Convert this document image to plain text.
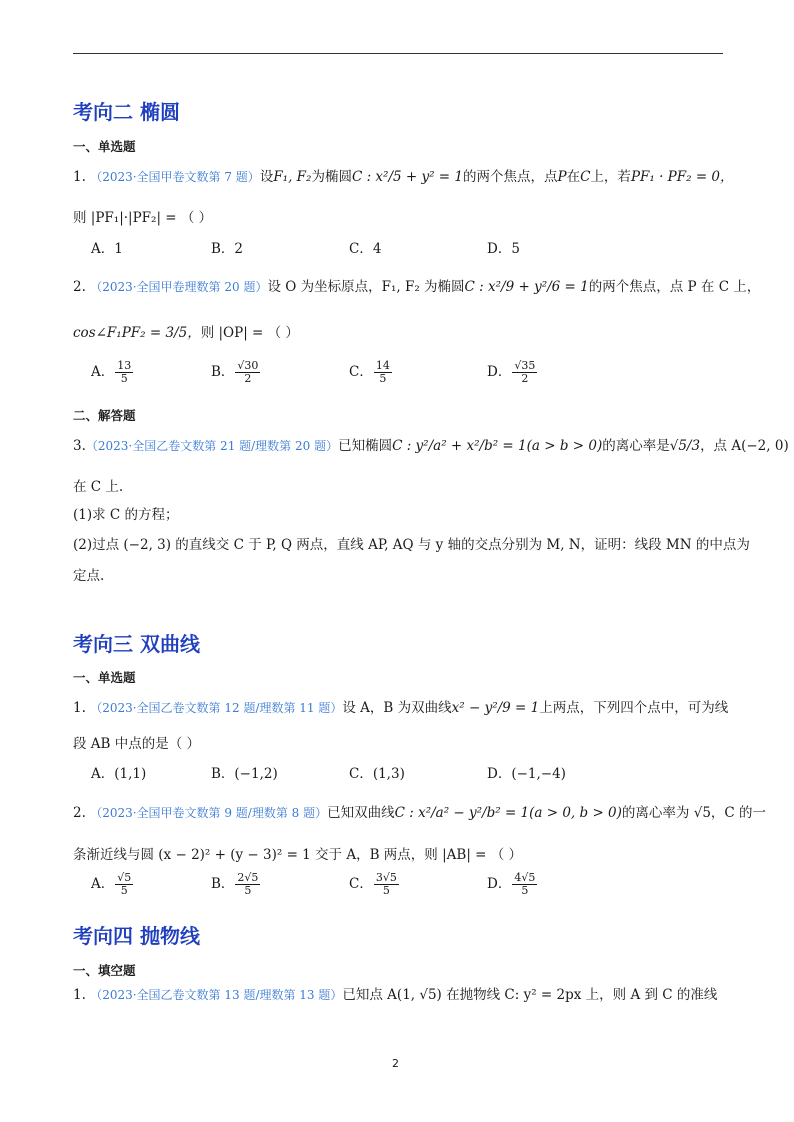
考向二 椭圆
一、单选题
1. （2023·全国甲卷文数第 7 题）设F₁, F₂为椭圆C : x²/5 + y² = 1的两个焦点，点P在C上，若PF₁ · PF₂ = 0，
则 |PF₁|·|PF₂| = （ ）
A．1	B．2	C．4	D．5
2. （2023·全国甲卷理数第 20 题）设 O 为坐标原点，F₁, F₂ 为椭圆C : x²/9 + y²/6 = 1的两个焦点，点 P 在 C 上，
cos∠F₁PF₂ = 3/5，则 |OP| = （ ）
A． $\frac{13}{5}$	B． $\frac{√30}{2}$	C． $\frac{14}{5}$	D． $\frac{√35}{2}$
二、解答题
3.（2023·全国乙卷文数第 21 题/理数第 20 题）已知椭圆C : y²/a² + x²/b² = 1(a > b > 0)的离心率是√5/3，点 A(−2, 0)
在 C 上.
(1)求 C 的方程；
(2)过点 (−2, 3) 的直线交 C 于 P, Q 两点，直线 AP, AQ 与 y 轴的交点分别为 M, N，证明：线段 MN 的中点为
定点.
考向三 双曲线
一、单选题
1. （2023·全国乙卷文数第 12 题/理数第 11 题）设 A，B 为双曲线x² − y²/9 = 1上两点，下列四个点中，可为线
段 AB 中点的是（ ）
A．(1,1)	B．(−1,2)	C．(1,3)	D．(−1,−4)
2. （2023·全国甲卷文数第 9 题/理数第 8 题）已知双曲线C : x²/a² − y²/b² = 1(a > 0, b > 0)的离心率为 √5，C 的一
条渐近线与圆 (x − 2)² + (y − 3)² = 1 交于 A，B 两点，则 |AB| = （ ）
A． $\frac{√5}{5}$	B． $\frac{2√5}{5}$	C． $\frac{3√5}{5}$	D． $\frac{4√5}{5}$
考向四 抛物线
一、填空题
1. （2023·全国乙卷文数第 13 题/理数第 13 题）已知点 A(1, √5) 在抛物线 C: y² = 2px 上，则 A 到 C 的准线
2
